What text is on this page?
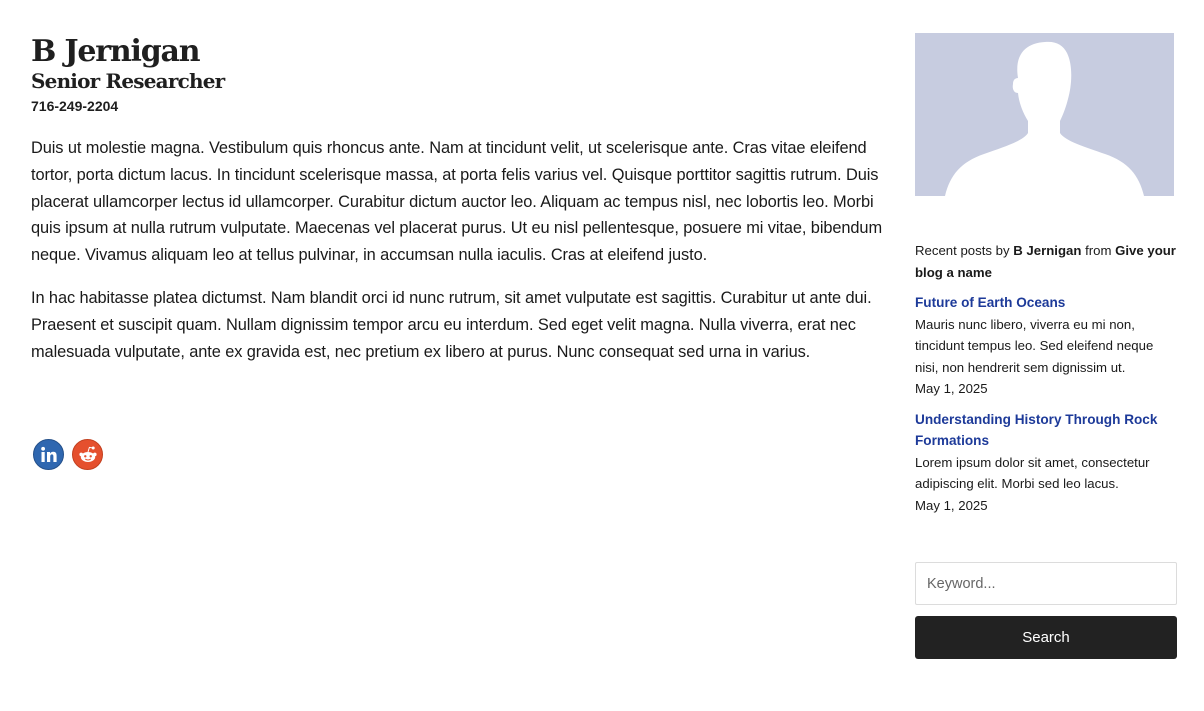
B Jernigan
Senior Researcher
716-249-2204

Duis ut molestie magna. Vestibulum quis rhoncus ante. Nam at tincidunt velit, ut scelerisque ante. Cras vitae eleifend tortor, porta dictum lacus. In tincidunt scelerisque massa, at porta felis varius vel. Quisque porttitor sagittis rutrum. Duis placerat ullamcorper lectus id ullamcorper. Curabitur dictum auctor leo. Aliquam ac tempus nisl, nec lobortis leo. Morbi quis ipsum at nulla rutrum vulputate. Maecenas vel placerat purus. Ut eu nisl pellentesque, posuere mi vitae, bibendum neque. Vivamus aliquam leo at tellus pulvinar, in accumsan nulla iaculis. Cras at eleifend justo.

In hac habitasse platea dictumst. Nam blandit orci id nunc rutrum, sit amet vulputate est sagittis. Curabitur ut ante dui. Praesent et suscipit quam. Nullam dignissim tempor arcu eu interdum. Sed eget velit magna. Nulla viverra, erat nec malesuada vulputate, ante ex gravida est, nec pretium ex libero at purus. Nunc consequat sed urna in varius.

Recent posts by B Jernigan from Give your blog a name
Future of Earth Oceans
Mauris nunc libero, viverra eu mi non, tincidunt tempus leo. Sed eleifend neque nisi, non hendrerit sem dignissim ut.
May 1, 2025
Understanding History Through Rock Formations
Lorem ipsum dolor sit amet, consectetur adipiscing elit. Morbi sed leo lacus.
May 1, 2025
Keyword...
Search
